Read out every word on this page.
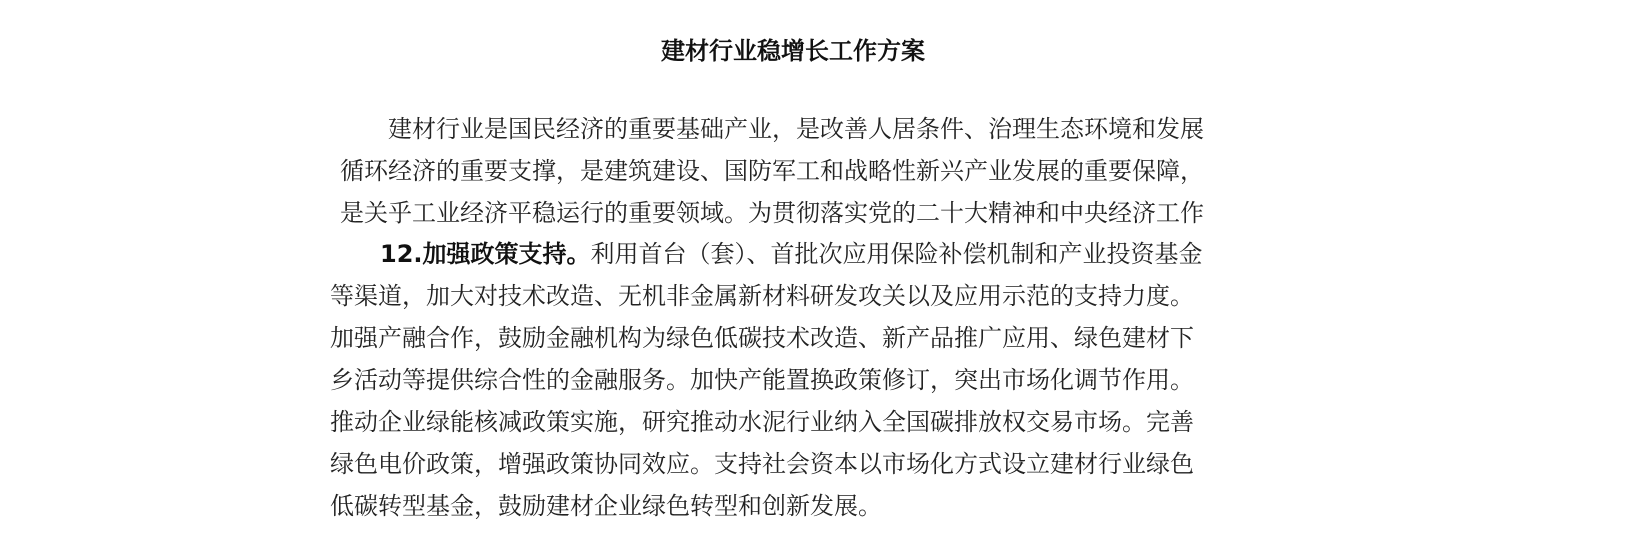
建材行业稳增长工作方案

建材行业是国民经济的重要基础产业，是改善人居条件、治理生态环境和发展
循环经济的重要支撑，是建筑建设、国防军工和战略性新兴产业发展的重要保障，
是关乎工业经济平稳运行的重要领域。为贯彻落实党的二十大精神和中央经济工作

12.加强政策支持。利用首台（套）、首批次应用保险补偿机制和产业投资基金
等渠道，加大对技术改造、无机非金属新材料研发攻关以及应用示范的支持力度。
加强产融合作，鼓励金融机构为绿色低碳技术改造、新产品推广应用、绿色建材下
乡活动等提供综合性的金融服务。加快产能置换政策修订，突出市场化调节作用。
推动企业绿能核减政策实施，研究推动水泥行业纳入全国碳排放权交易市场。完善
绿色电价政策，增强政策协同效应。支持社会资本以市场化方式设立建材行业绿色
低碳转型基金，鼓励建材企业绿色转型和创新发展。
